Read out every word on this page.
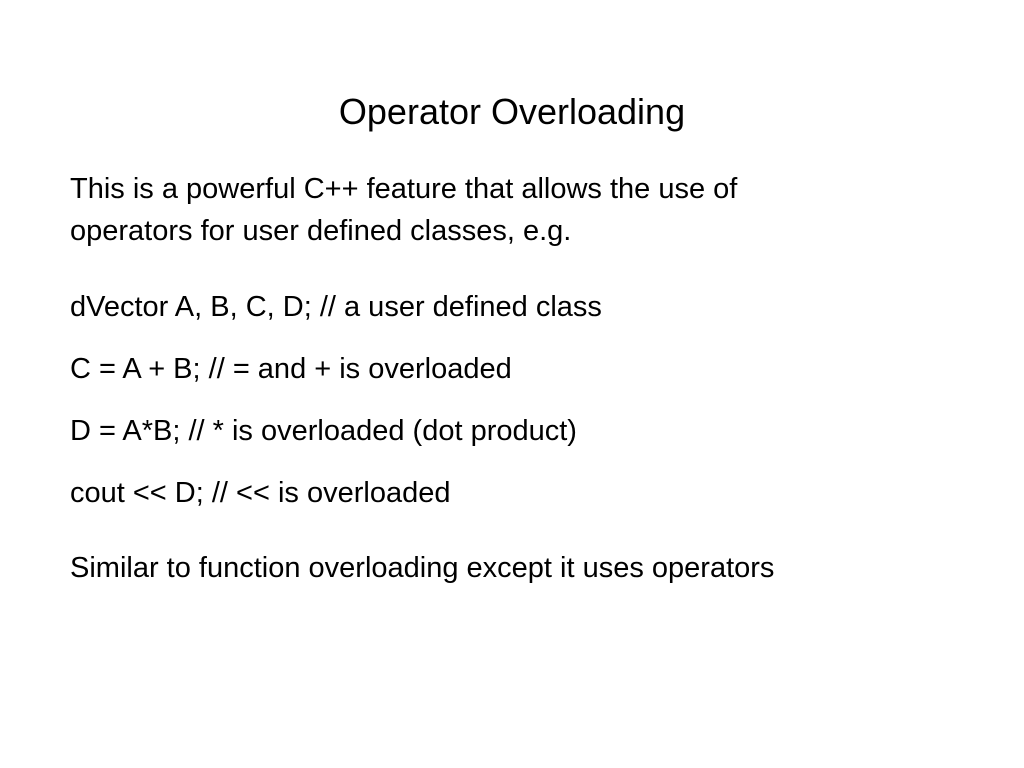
Operator Overloading
This is a powerful C++ feature that allows the use of
operators for user defined classes, e.g.
dVector A, B, C, D; // a user defined class
C = A + B; // = and + is overloaded
D = A*B; // * is overloaded (dot product)
cout << D; // << is overloaded
Similar to function overloading except it uses operators
